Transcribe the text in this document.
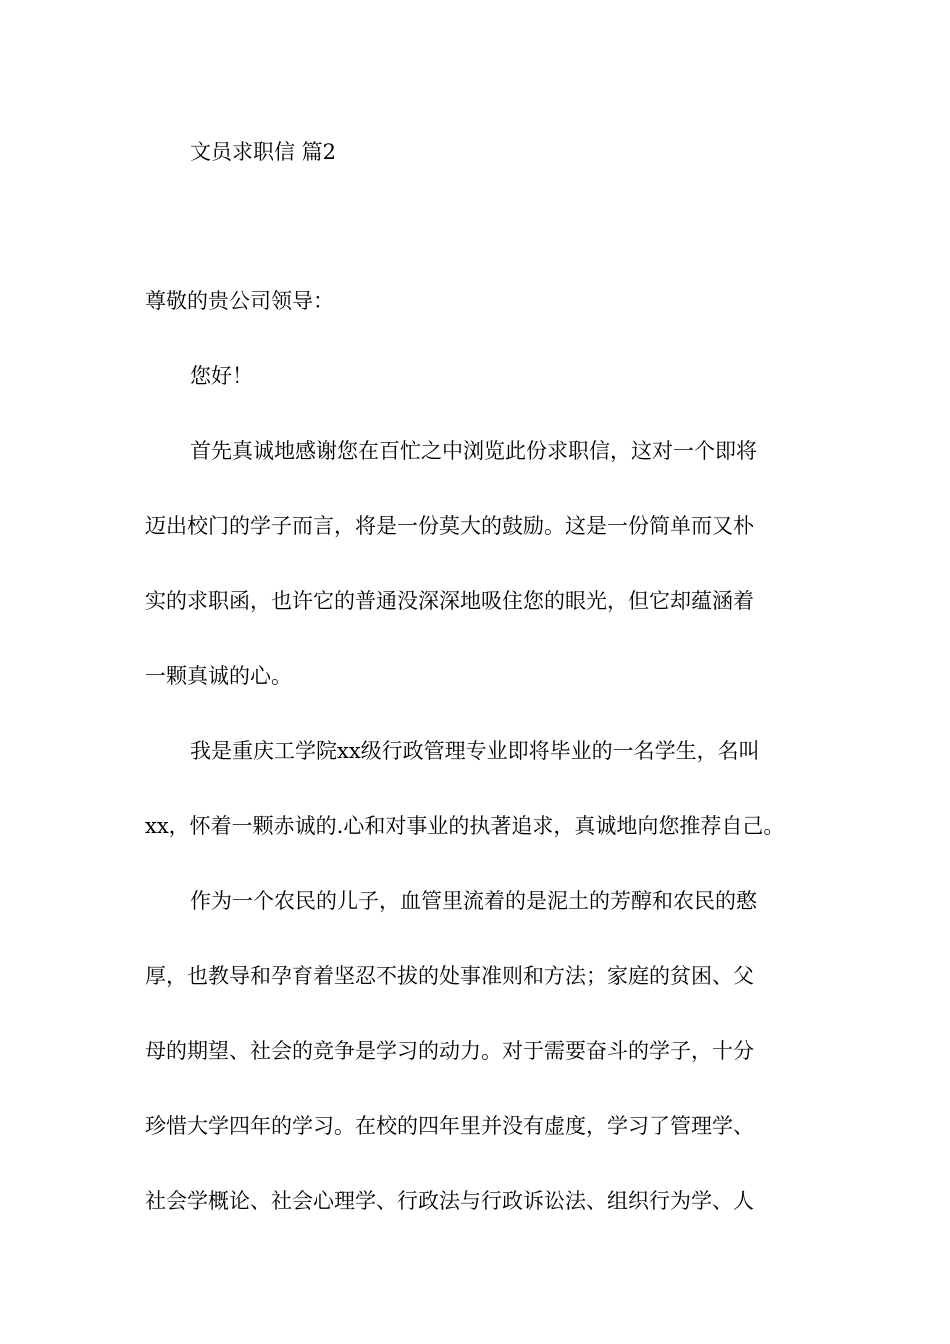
文员求职信 篇2
尊敬的贵公司领导：
您好！
首先真诚地感谢您在百忙之中浏览此份求职信，这对一个即将
迈出校门的学子而言，将是一份莫大的鼓励。这是一份简单而又朴
实的求职函，也许它的普通没深深地吸住您的眼光，但它却蕴涵着
一颗真诚的心。
我是重庆工学院xx级行政管理专业即将毕业的一名学生，名叫
xx，怀着一颗赤诚的.心和对事业的执著追求，真诚地向您推荐自己。
作为一个农民的儿子，血管里流着的是泥土的芳醇和农民的憨
厚，也教导和孕育着坚忍不拔的处事准则和方法；家庭的贫困、父
母的期望、社会的竞争是学习的动力。对于需要奋斗的学子，十分
珍惜大学四年的学习。在校的四年里并没有虚度，学习了管理学、
社会学概论、社会心理学、行政法与行政诉讼法、组织行为学、人
